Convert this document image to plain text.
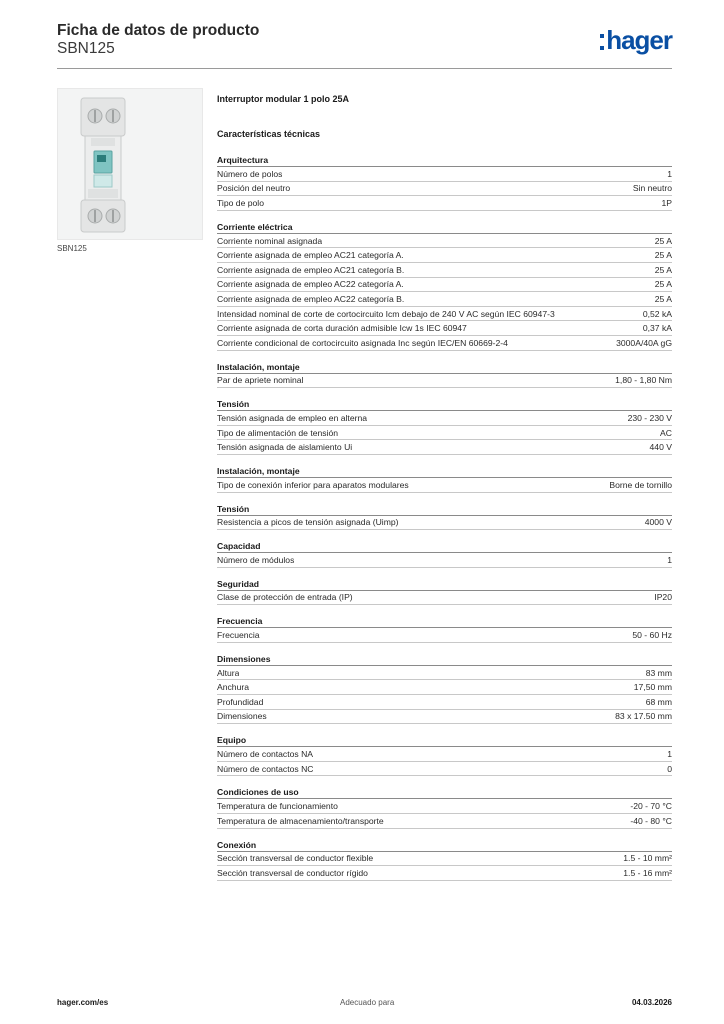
Ficha de datos de producto
SBN125	hager
SBN125
Interruptor modular 1 polo 25A
Características técnicas
Arquitectura
Número de polos	1
Posición del neutro	Sin neutro
Tipo de polo	1P
Corriente eléctrica
Corriente nominal asignada	25 A
Corriente asignada de empleo AC21 categoría A.	25 A
Corriente asignada de empleo AC21 categoría B.	25 A
Corriente asignada de empleo AC22 categoría A.	25 A
Corriente asignada de empleo AC22 categoría B.	25 A
Intensidad nominal de corte de cortocircuito Icm debajo de 240 V AC según IEC 60947-3	0,52 kA
Corriente asignada de corta duración admisible Icw 1s IEC 60947	0,37 kA
Corriente condicional de cortocircuito asignada Inc según IEC/EN 60669-2-4	3000A/40A gG
Instalación, montaje
Par de apriete nominal	1,80 - 1,80 Nm
Tensión
Tensión asignada de empleo en alterna	230 - 230 V
Tipo de alimentación de tensión	AC
Tensión asignada de aislamiento Ui	440 V
Instalación, montaje
Tipo de conexión inferior para aparatos modulares	Borne de tornillo
Tensión
Resistencia a picos de tensión asignada (Uimp)	4000 V
Capacidad
Número de módulos	1
Seguridad
Clase de protección de entrada (IP)	IP20
Frecuencia
Frecuencia	50 - 60 Hz
Dimensiones
Altura	83 mm
Anchura	17,50 mm
Profundidad	68 mm
Dimensiones	83 x 17.50 mm
Equipo
Número de contactos NA	1
Número de contactos NC	0
Condiciones de uso
Temperatura de funcionamiento	-20 - 70 °C
Temperatura de almacenamiento/transporte	-40 - 80 °C
Conexión
Sección transversal de conductor flexible	1.5 - 10 mm²
Sección transversal de conductor rígido	1.5 - 16 mm²
hager.com/es	Adecuado para	04.03.2026
